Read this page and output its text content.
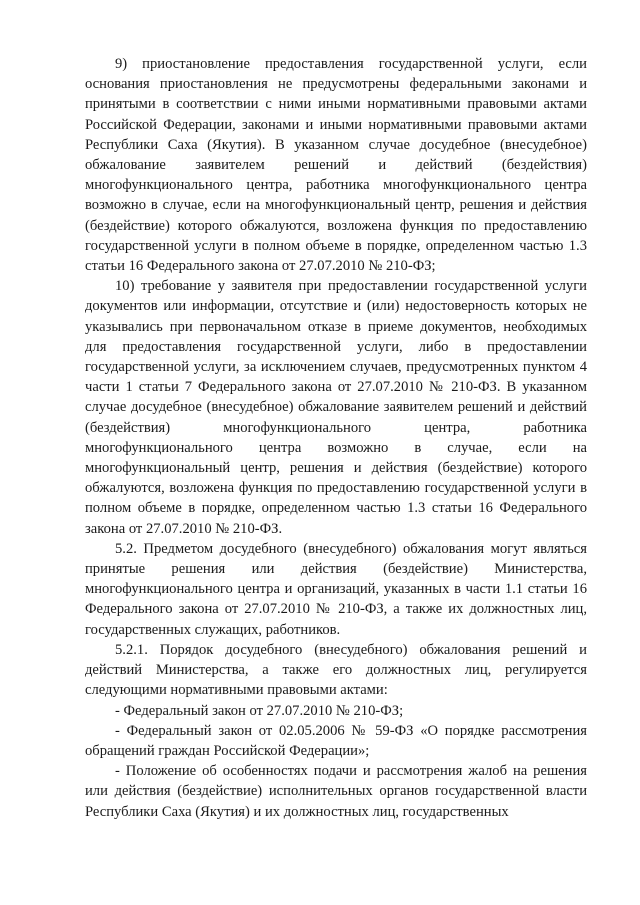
9) приостановление предоставления государственной услуги, если основания приостановления не предусмотрены федеральными законами и принятыми в соответствии с ними иными нормативными правовыми актами Российской Федерации, законами и иными нормативными правовыми актами Республики Саха (Якутия). В указанном случае досудебное (внесудебное) обжалование заявителем решений и действий (бездействия) многофункционального центра, работника многофункционального центра возможно в случае, если на многофункциональный центр, решения и действия (бездействие) которого обжалуются, возложена функция по предоставлению государственной услуги в полном объеме в порядке, определенном частью 1.3 статьи 16 Федерального закона от 27.07.2010 № 210-ФЗ;

10) требование у заявителя при предоставлении государственной услуги документов или информации, отсутствие и (или) недостоверность которых не указывались при первоначальном отказе в приеме документов, необходимых для предоставления государственной услуги, либо в предоставлении государственной услуги, за исключением случаев, предусмотренных пунктом 4 части 1 статьи 7 Федерального закона от 27.07.2010 № 210-ФЗ. В указанном случае досудебное (внесудебное) обжалование заявителем решений и действий (бездействия) многофункционального центра, работника многофункционального центра возможно в случае, если на многофункциональный центр, решения и действия (бездействие) которого обжалуются, возложена функция по предоставлению государственной услуги в полном объеме в порядке, определенном частью 1.3 статьи 16 Федерального закона от 27.07.2010 № 210-ФЗ.

5.2. Предметом досудебного (внесудебного) обжалования могут являться принятые решения или действия (бездействие) Министерства, многофункционального центра и организаций, указанных в части 1.1 статьи 16 Федерального закона от 27.07.2010 № 210-ФЗ, а также их должностных лиц, государственных служащих, работников.

5.2.1. Порядок досудебного (внесудебного) обжалования решений и действий Министерства, а также его должностных лиц, регулируется следующими нормативными правовыми актами:

- Федеральный закон от 27.07.2010 № 210-ФЗ;

- Федеральный закон от 02.05.2006 № 59-ФЗ «О порядке рассмотрения обращений граждан Российской Федерации»;

- Положение об особенностях подачи и рассмотрения жалоб на решения или действия (бездействие) исполнительных органов государственной власти Республики Саха (Якутия) и их должностных лиц, государственных
